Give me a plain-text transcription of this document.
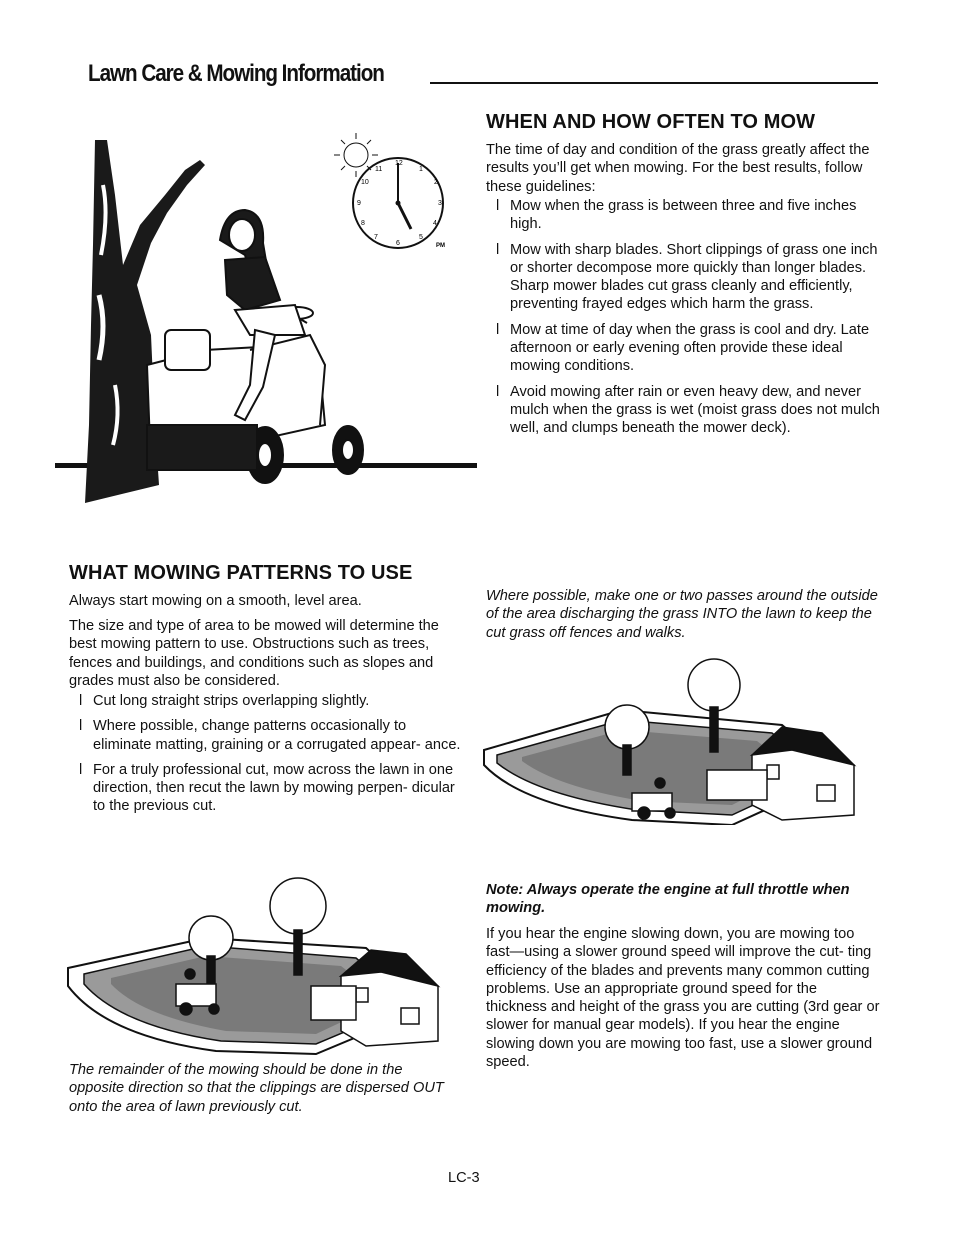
Lawn Care & Mowing Information
12
1
2
3
4
5
6
7
8
9
10
11
PM
WHEN AND HOW OFTEN TO MOW

The time of day and condition of the grass greatly affect the results you’ll get when mowing. For the best results, follow these guidelines:

l Mow when the grass is between three and five inches high.
l Mow with sharp blades. Short clippings of grass one inch or shorter decompose more quickly than longer blades. Sharp mower blades cut grass cleanly and efficiently, preventing frayed edges which harm the grass.
l Mow at time of day when the grass is cool and dry. Late afternoon or early evening often provide these ideal mowing conditions.
l Avoid mowing after rain or even heavy dew, and never mulch when the grass is wet (moist grass does not mulch well, and clumps beneath the mower deck).
WHAT MOWING PATTERNS TO USE

Always start mowing on a smooth, level area.

The size and type of area to be mowed will determine the best mowing pattern to use. Obstructions such as trees, fences and buildings, and conditions such as slopes and grades must also be considered.

l Cut long straight strips overlapping slightly.
l Where possible, change patterns occasionally to eliminate matting, graining or a corrugated appear- ance.
l For a truly professional cut, mow across the lawn in one direction, then recut the lawn by mowing perpen- dicular to the previous cut.

Where possible, make one or two passes around the outside of the area discharging the grass INTO the lawn to keep the cut grass off fences and walks.

The remainder of the mowing should be done in the opposite direction so that the clippings are dispersed OUT onto the area of lawn previously cut.

Note: Always operate the engine at full throttle when mowing.

If you hear the engine slowing down, you are mowing too fast—using a slower ground speed will improve the cut- ting efficiency of the blades and prevents many common cutting problems. Use an appropriate ground speed for the thickness and height of the grass you are cutting (3rd gear or slower for manual gear models). If you hear the engine slowing down you are mowing too fast, use a slower ground speed.

LC-3
